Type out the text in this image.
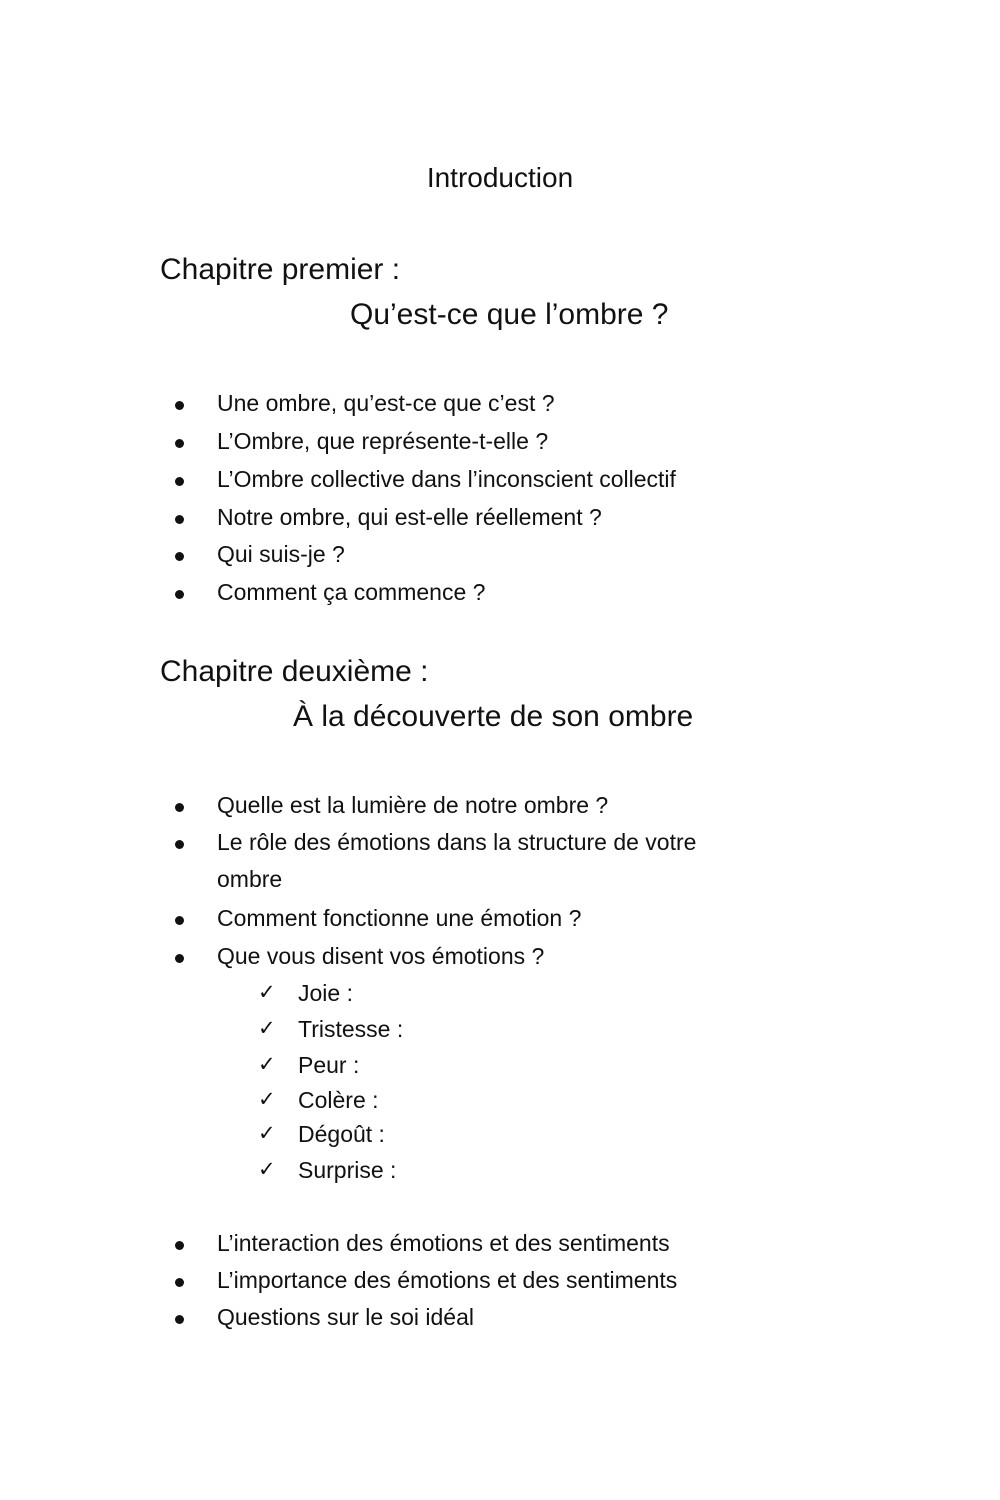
Introduction
Chapitre premier :
Qu’est-ce que l’ombre ?
Une ombre, qu’est-ce que c’est ?
L’Ombre, que représente-t-elle ?
L’Ombre collective dans l’inconscient collectif
Notre ombre, qui est-elle réellement ?
Qui suis-je ?
Comment ça commence ?
Chapitre deuxième :
À la découverte de son ombre
Quelle est la lumière de notre ombre ?
Le rôle des émotions dans la structure de votre
ombre
Comment fonctionne une émotion ?
Que vous disent vos émotions ?
✓ Joie :
✓ Tristesse :
✓ Peur :
✓ Colère :
✓ Dégoût :
✓ Surprise :
L’interaction des émotions et des sentiments
L’importance des émotions et des sentiments
Questions sur le soi idéal
